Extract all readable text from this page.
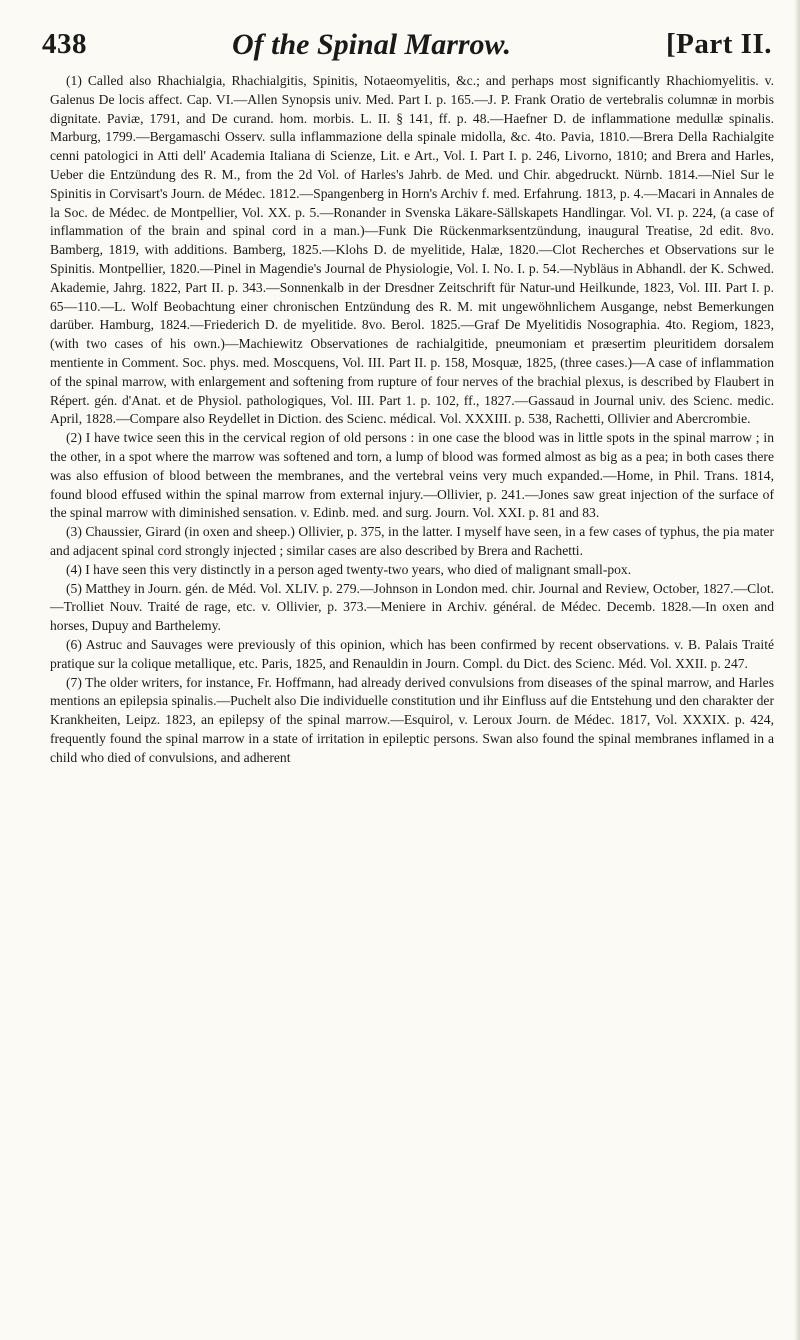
438	Of the Spinal Marrow.	[Part II.

(1) Called also Rhachialgia, Rhachialgitis, Spinitis, Notaeomyelitis, &c.; and perhaps most significantly Rhachiomyelitis. v. Galenus De locis affect. Cap. VI.—Allen Synopsis univ. Med. Part I. p. 165.—J. P. Frank Oratio de vertebralis columnæ in morbis dignitate. Paviæ, 1791, and De curand. hom. morbis. L. II. § 141, ff. p. 48.—Haefner D. de inflammatione medullæ spinalis. Marburg, 1799.—Bergamaschi Osserv. sulla inflammazione della spinale midolla, &c. 4to. Pavia, 1810.—Brera Della Rachialgite cenni patologici in Atti dell' Academia Italiana di Scienze, Lit. e Art., Vol. I. Part I. p. 246, Livorno, 1810; and Brera and Harles, Ueber die Entzündung des R. M., from the 2d Vol. of Harles's Jahrb. de Med. und Chir. abgedruckt. Nürnb. 1814.—Niel Sur le Spinitis in Corvisart's Journ. de Médec. 1812.—Spangenberg in Horn's Archiv f. med. Erfahrung. 1813, p. 4.—Macari in Annales de la Soc. de Médec. de Montpellier, Vol. XX. p. 5.—Ronander in Svenska Läkare-Sällskapets Handlingar. Vol. VI. p. 224, (a case of inflammation of the brain and spinal cord in a man.)—Funk Die Rückenmarksentzündung, inaugural Treatise, 2d edit. 8vo. Bamberg, 1819, with additions. Bamberg, 1825.—Klohs D. de myelitide, Halæ, 1820.—Clot Recherches et Observations sur le Spinitis. Montpellier, 1820.—Pinel in Magendie's Journal de Physiologie, Vol. I. No. I. p. 54.—Nybläus in Abhandl. der K. Schwed. Akademie, Jahrg. 1822, Part II. p. 343.—Sonnenkalb in der Dresdner Zeitschrift für Natur-und Heilkunde, 1823, Vol. III. Part I. p. 65—110.—L. Wolf Beobachtung einer chronischen Entzündung des R. M. mit ungewöhnlichem Ausgange, nebst Bemerkungen darüber. Hamburg, 1824.—Friederich D. de myelitide. 8vo. Berol. 1825.—Graf De Myelitidis Nosographia. 4to. Regiom, 1823, (with two cases of his own.)—Machiewitz Observationes de rachialgitide, pneumoniam et præsertim pleuritidem dorsalem mentiente in Comment. Soc. phys. med. Moscquens, Vol. III. Part II. p. 158, Mosquæ, 1825, (three cases.)—A case of inflammation of the spinal marrow, with enlargement and softening from rupture of four nerves of the brachial plexus, is described by Flaubert in Répert. gén. d'Anat. et de Physiol. pathologiques, Vol. III. Part 1. p. 102, ff., 1827.—Gassaud in Journal univ. des Scienc. medic. April, 1828.—Compare also Reydellet in Diction. des Scienc. médical. Vol. XXXIII. p. 538, Rachetti, Ollivier and Abercrombie.

(2) I have twice seen this in the cervical region of old persons : in one case the blood was in little spots in the spinal marrow ; in the other, in a spot where the marrow was softened and torn, a lump of blood was formed almost as big as a pea; in both cases there was also effusion of blood between the membranes, and the vertebral veins very much expanded.—Home, in Phil. Trans. 1814, found blood effused within the spinal marrow from external injury.—Ollivier, p. 241.—Jones saw great injection of the surface of the spinal marrow with diminished sensation. v. Edinb. med. and surg. Journ. Vol. XXI. p. 81 and 83.

(3) Chaussier, Girard (in oxen and sheep.) Ollivier, p. 375, in the latter. I myself have seen, in a few cases of typhus, the pia mater and adjacent spinal cord strongly injected ; similar cases are also described by Brera and Rachetti.

(4) I have seen this very distinctly in a person aged twenty-two years, who died of malignant small-pox.

(5) Matthey in Journ. gén. de Méd. Vol. XLIV. p. 279.—Johnson in London med. chir. Journal and Review, October, 1827.—Clot.—Trolliet Nouv. Traité de rage, etc. v. Ollivier, p. 373.—Meniere in Archiv. général. de Médec. Decemb. 1828.—In oxen and horses, Dupuy and Barthelemy.

(6) Astruc and Sauvages were previously of this opinion, which has been confirmed by recent observations. v. B. Palais Traité pratique sur la colique metallique, etc. Paris, 1825, and Renauldin in Journ. Compl. du Dict. des Scienc. Méd. Vol. XXII. p. 247.

(7) The older writers, for instance, Fr. Hoffmann, had already derived convulsions from diseases of the spinal marrow, and Harles mentions an epilepsia spinalis.—Puchelt also Die individuelle constitution und ihr Einfluss auf die Entstehung und den charakter der Krankheiten, Leipz. 1823, an epilepsy of the spinal marrow.—Esquirol, v. Leroux Journ. de Médec. 1817, Vol. XXXIX. p. 424, frequently found the spinal marrow in a state of irritation in epileptic persons. Swan also found the spinal membranes inflamed in a child who died of convulsions, and adherent
